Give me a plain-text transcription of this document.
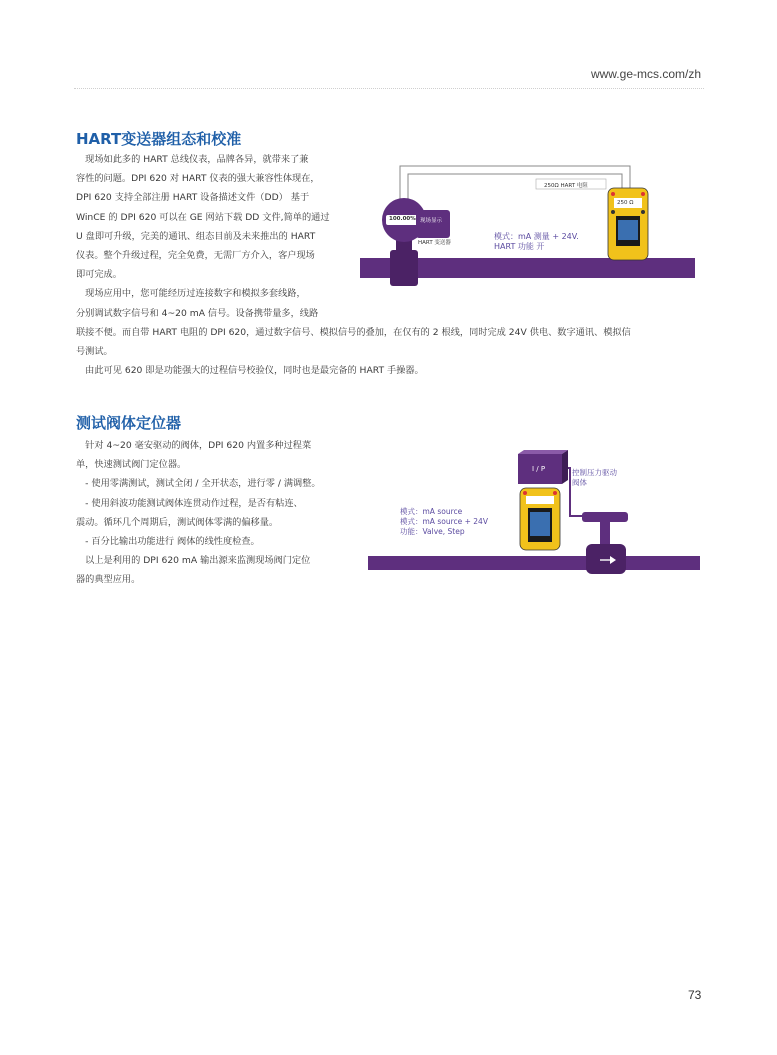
www.ge-mcs.com/zh
HART变送器组态和校准

　现场如此多的 HART 总线仪表，品牌各异，就带来了兼

容性的问题。DPI 620 对 HART 仪表的强大兼容性体现在，

DPI 620 支持全部注册 HART 设备描述文件（DD） 基于

WinCE 的 DPI 620 可以在 GE 网站下载 DD 文件,简单的通过

U 盘即可升级，完美的通讯、组态目前及未来推出的 HART

仪表。整个升级过程，完全免费，无需厂方介入，客户现场

即可完成。

　现场应用中，您可能经历过连接数字和模拟多套线路，

分别调试数字信号和 4~20 mA 信号。设备携带量多，线路

联接不便。而自带 HART 电阻的 DPI 620，通过数字信号、模拟信号的叠加，在仅有的 2 根线，同时完成 24V 供电、数字通讯、模拟信

号测试。

　由此可见 620 即是功能强大的过程信号校验仪，同时也是最完备的 HART 手操器。

250Ω HART 电阻
100.00% 现场显示
HART 变送器
250 Ω
模式：mA 测量 + 24V.
HART 功能 开
测试阀体定位器

　针对 4~20 毫安驱动的阀体，DPI 620 内置多种过程菜

单，快速测试阀门定位器。

　- 使用零满测试，测试全闭 / 全开状态，进行零 / 满调整。

　- 使用斜波功能测试阀体连贯动作过程，是否有粘连、

震动。循环几个周期后，测试阀体零满的偏移量。

　- 百分比输出功能进行 阀体的线性度检查。

　以上是利用的 DPI 620 mA 输出源来监测现场阀门定位

器的典型应用。

I / P	控制压力驱动
阀体
模式：mA source
模式：mA source + 24V
功能：Valve, Step
73
